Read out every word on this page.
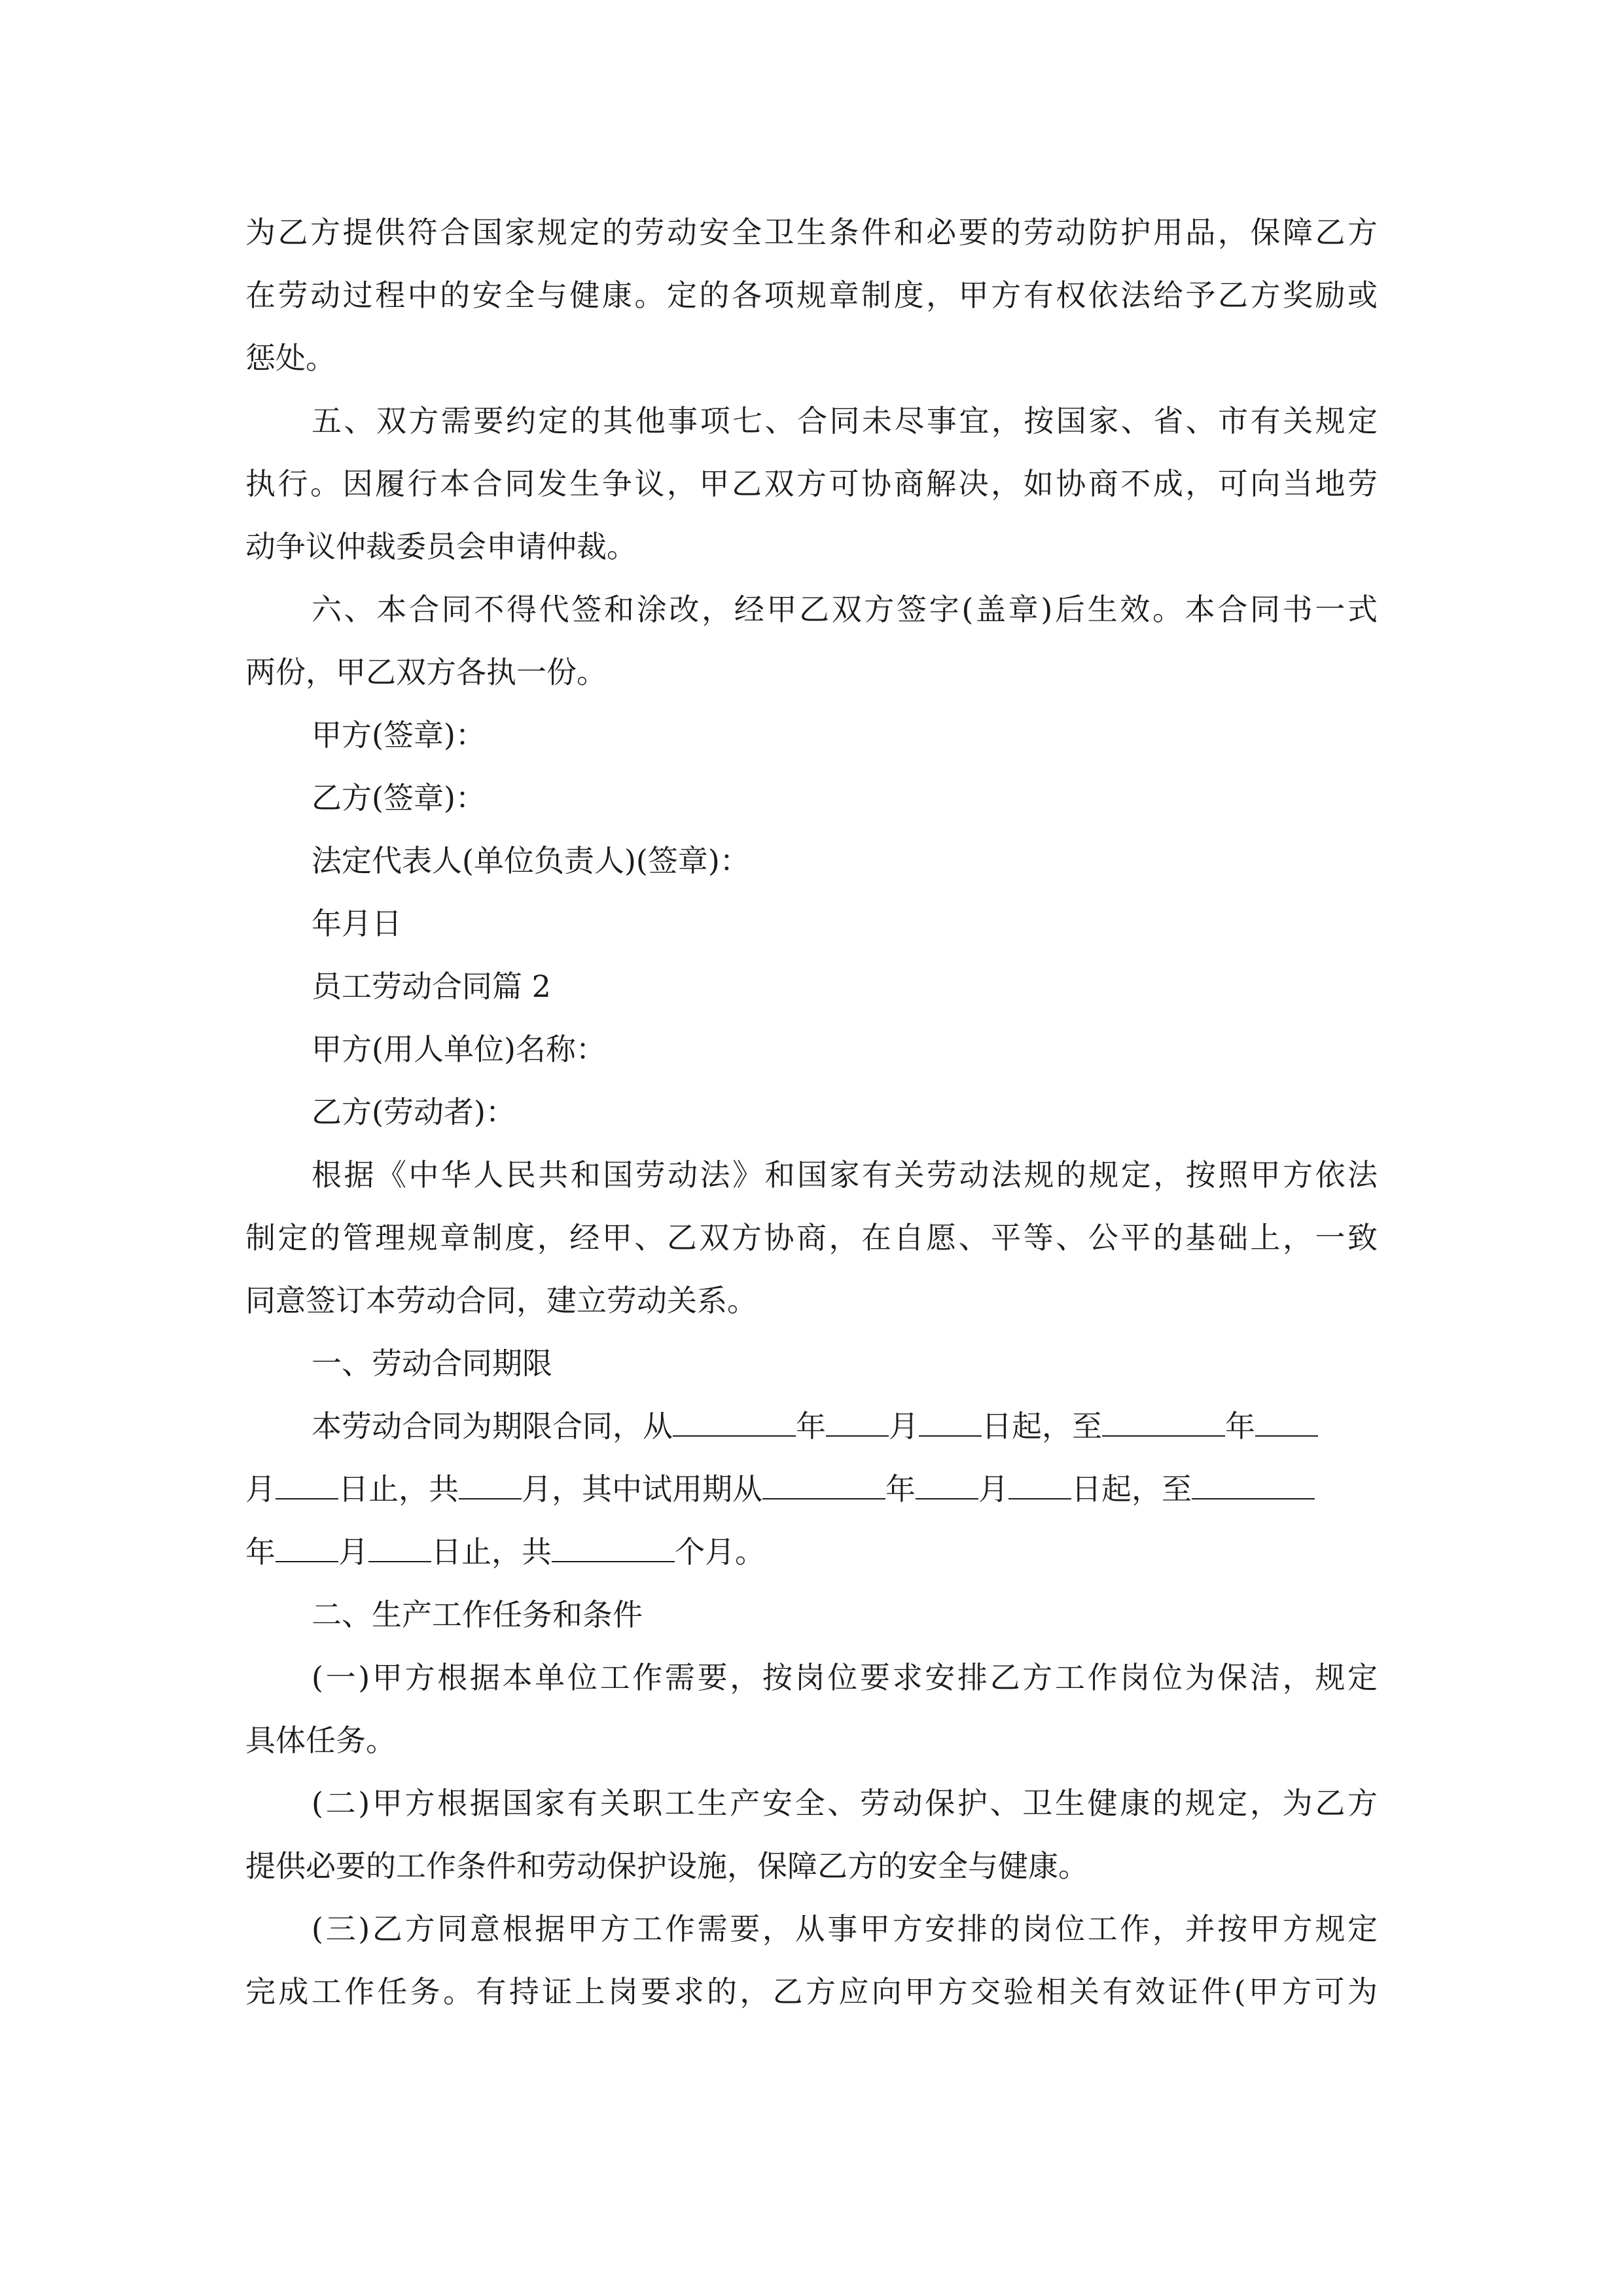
为乙方提供符合国家规定的劳动安全卫生条件和必要的劳动防护用品，保障乙方
在劳动过程中的安全与健康。定的各项规章制度，甲方有权依法给予乙方奖励或
惩处。
五、双方需要约定的其他事项七、合同未尽事宜，按国家、省、市有关规定
执行。因履行本合同发生争议，甲乙双方可协商解决，如协商不成，可向当地劳
动争议仲裁委员会申请仲裁。
六、本合同不得代签和涂改，经甲乙双方签字(盖章)后生效。本合同书一式
两份，甲乙双方各执一份。
甲方(签章)：
乙方(签章)：
法定代表人(单位负责人)(签章)：
年月日
员工劳动合同篇 2
甲方(用人单位)名称：
乙方(劳动者)：
根据《中华人民共和国劳动法》和国家有关劳动法规的规定，按照甲方依法
制定的管理规章制度，经甲、乙双方协商，在自愿、平等、公平的基础上，一致
同意签订本劳动合同，建立劳动关系。
一、劳动合同期限
本劳动合同为期限合同，从	年 月 日起，至	年
月 日止，共 月，其中试用期从	年 月 日起，至
年 月 日止，共	个月。
二、生产工作任务和条件
(一)甲方根据本单位工作需要，按岗位要求安排乙方工作岗位为保洁，规定
具体任务。
(二)甲方根据国家有关职工生产安全、劳动保护、卫生健康的规定，为乙方
提供必要的工作条件和劳动保护设施，保障乙方的安全与健康。
(三)乙方同意根据甲方工作需要，从事甲方安排的岗位工作，并按甲方规定
完成工作任务。有持证上岗要求的，乙方应向甲方交验相关有效证件(甲方可为
